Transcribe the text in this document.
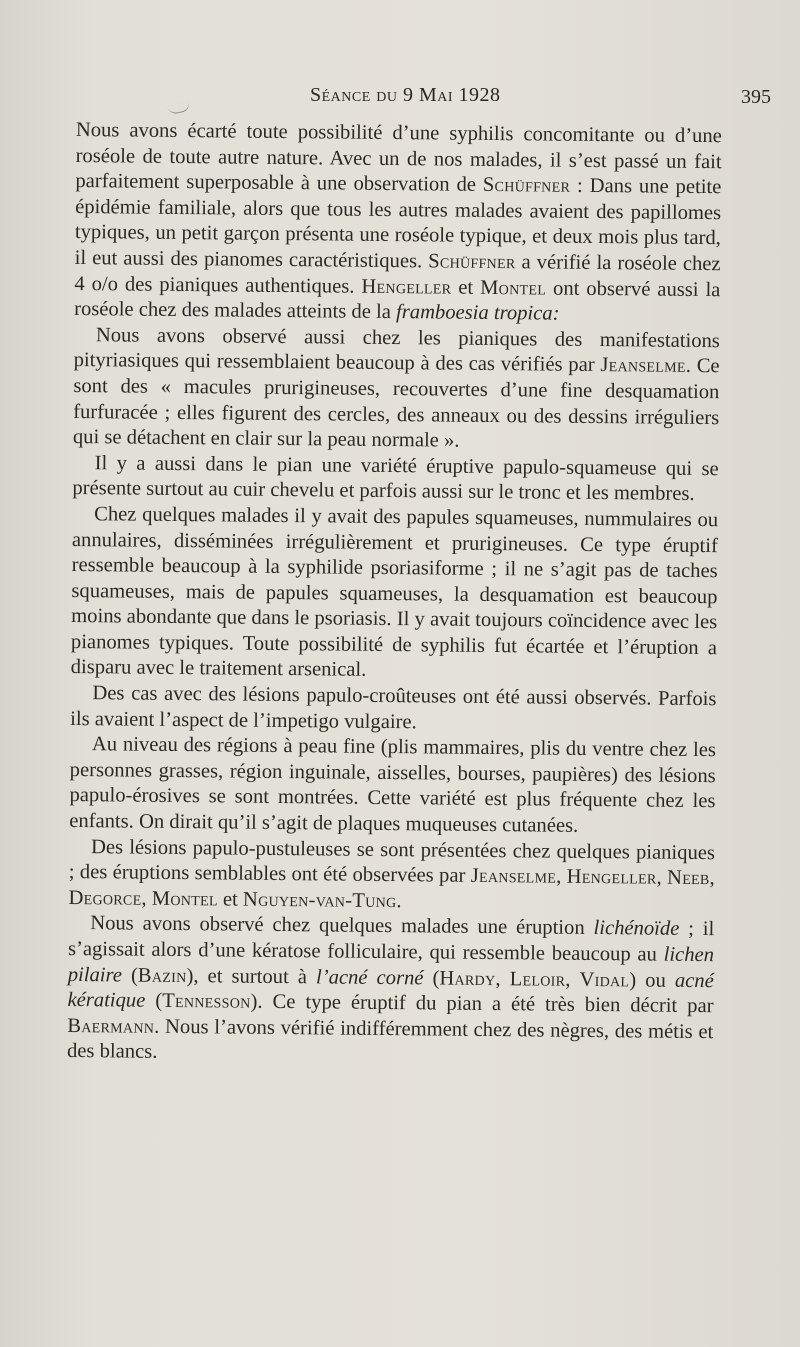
Séance du 9 Mai 1928	395

Nous avons écarté toute possibilité d’une syphilis concomitante ou d’une roséole de toute autre nature. Avec un de nos malades, il s’est passé un fait parfaitement superposable à une observation de Schüffner : Dans une petite épidémie familiale, alors que tous les autres malades avaient des papillomes typiques, un petit garçon présenta une roséole typique, et deux mois plus tard, il eut aussi des pianomes caractéristiques. Schüffner a vérifié la roséole chez 4 o/o des pianiques authentiques. Hengeller et Montel ont observé aussi la roséole chez des malades atteints de la framboesia tropica:

Nous avons observé aussi chez les pianiques des manifestations pityriasiques qui ressemblaient beaucoup à des cas vérifiés par Jeanselme. Ce sont des « macules prurigineuses, recouvertes d’une fine desquamation furfuracée ; elles figurent des cercles, des anneaux ou des dessins irréguliers qui se détachent en clair sur la peau normale ».

Il y a aussi dans le pian une variété éruptive papulo-squameuse qui se présente surtout au cuir chevelu et parfois aussi sur le tronc et les membres.

Chez quelques malades il y avait des papules squameuses, nummulaires ou annulaires, disséminées irrégulièrement et prurigineuses. Ce type éruptif ressemble beaucoup à la syphilide psoriasiforme ; il ne s’agit pas de taches squameuses, mais de papules squameuses, la desquamation est beaucoup moins abondante que dans le psoriasis. Il y avait toujours coïncidence avec les pianomes typiques. Toute possibilité de syphilis fut écartée et l’éruption a disparu avec le traitement arsenical.

Des cas avec des lésions papulo-croûteuses ont été aussi observés. Parfois ils avaient l’aspect de l’impetigo vulgaire.

Au niveau des régions à peau fine (plis mammaires, plis du ventre chez les personnes grasses, région inguinale, aisselles, bourses, paupières) des lésions papulo-érosives se sont montrées. Cette variété est plus fréquente chez les enfants. On dirait qu’il s’agit de plaques muqueuses cutanées.

Des lésions papulo-pustuleuses se sont présentées chez quelques pianiques ; des éruptions semblables ont été observées par Jeanselme, Hengeller, Neeb, Degorce, Montel et Nguyen-van-Tung.

Nous avons observé chez quelques malades une éruption lichénoïde ; il s’agissait alors d’une kératose folliculaire, qui ressemble beaucoup au lichen pilaire (Bazin), et surtout à l’acné corné (Hardy, Leloir, Vidal) ou acné kératique (Tennesson). Ce type éruptif du pian a été très bien décrit par Baermann. Nous l’avons vérifié indifféremment chez des nègres, des métis et des blancs.
